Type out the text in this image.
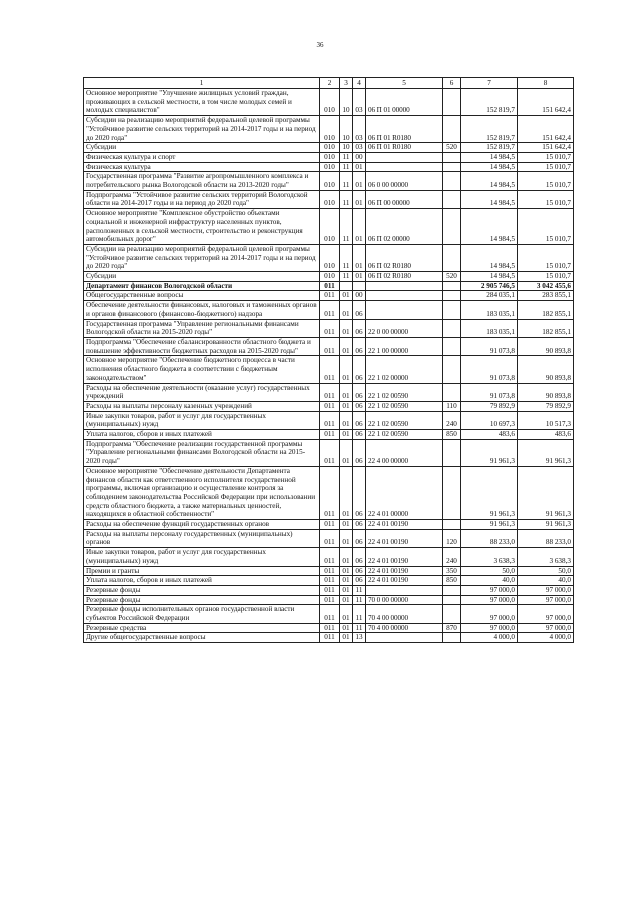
36
1	2	3	4	5	6	7	8
Основное мероприятие "Улучшение жилищных условий граждан, проживающих в сельской местности, в том числе молодых семей и молодых специалистов"	010	10	03	06 П 01 00000		152 819,7	151 642,4
Субсидии на реализацию мероприятий федеральной целевой программы "Устойчивое развитие сельских территорий на 2014-2017 годы и на период до 2020 года"	010	10	03	06 П 01 R0180		152 819,7	151 642,4
Субсидии	010	10	03	06 П 01 R0180	520	152 819,7	151 642,4
Физическая культура и спорт	010	11	00			14 984,5	15 010,7
Физическая культура	010	11	01			14 984,5	15 010,7
Государственная программа "Развитие агропромышленного комплекса и потребительского рынка Вологодской области на 2013-2020 годы"	010	11	01	06 0 00 00000		14 984,5	15 010,7
Подпрограмма "Устойчивое развитие сельских территорий Вологодской области на 2014-2017 годы и на период до 2020 года"	010	11	01	06 П 00 00000		14 984,5	15 010,7
Основное мероприятие "Комплексное обустройство объектами социальной и инженерной инфраструктур населенных пунктов, расположенных в сельской местности, строительство и реконструкция автомобильных дорог"	010	11	01	06 П 02 00000		14 984,5	15 010,7
Субсидии на реализацию мероприятий федеральной целевой программы "Устойчивое развитие сельских территорий на 2014-2017 годы и на период до 2020 года"	010	11	01	06 П 02 R0180		14 984,5	15 010,7
Субсидии	010	11	01	06 П 02 R0180	520	14 984,5	15 010,7
Департамент финансов Вологодской области	011					2 905 746,5	3 042 455,6
Общегосударственные вопросы	011	01	00			284 035,1	283 855,1
Обеспечение деятельности финансовых, налоговых и таможенных органов и органов финансового (финансово-бюджетного) надзора	011	01	06			183 035,1	182 855,1
Государственная программа "Управление региональными финансами Вологодской области на 2015-2020 годы"	011	01	06	22 0 00 00000		183 035,1	182 855,1
Подпрограмма "Обеспечение сбалансированности областного бюджета и повышение эффективности бюджетных расходов на 2015-2020 годы"	011	01	06	22 1 00 00000		91 073,8	90 893,8
Основное мероприятие "Обеспечение бюджетного процесса в части исполнения областного бюджета в соответствии с бюджетным законодательством"	011	01	06	22 1 02 00000		91 073,8	90 893,8
Расходы на обеспечение деятельности (оказание услуг) государственных учреждений	011	01	06	22 1 02 00590		91 073,8	90 893,8
Расходы на выплаты персоналу казенных учреждений	011	01	06	22 1 02 00590	110	79 892,9	79 892,9
Иные закупки товаров, работ и услуг для государственных (муниципальных) нужд	011	01	06	22 1 02 00590	240	10 697,3	10 517,3
Уплата налогов, сборов и иных платежей	011	01	06	22 1 02 00590	850	483,6	483,6
Подпрограмма "Обеспечение реализации государственной программы "Управление региональными финансами Вологодской области на 2015-2020 годы"	011	01	06	22 4 00 00000		91 961,3	91 961,3
Основное мероприятие "Обеспечение деятельности Департамента финансов области как ответственного исполнителя государственной программы, включая организацию и осуществление контроля за соблюдением законодательства Российской Федерации при использовании средств областного бюджета, а также материальных ценностей, находящихся в областной собственности"	011	01	06	22 4 01 00000		91 961,3	91 961,3
Расходы на обеспечение функций государственных органов	011	01	06	22 4 01 00190		91 961,3	91 961,3
Расходы на выплаты персоналу государственных (муниципальных) органов	011	01	06	22 4 01 00190	120	88 233,0	88 233,0
Иные закупки товаров, работ и услуг для государственных (муниципальных) нужд	011	01	06	22 4 01 00190	240	3 638,3	3 638,3
Премии и гранты	011	01	06	22 4 01 00190	350	50,0	50,0
Уплата налогов, сборов и иных платежей	011	01	06	22 4 01 00190	850	40,0	40,0
Резервные фонды	011	01	11			97 000,0	97 000,0
Резервные фонды	011	01	11	70 0 00 00000		97 000,0	97 000,0
Резервные фонды исполнительных органов государственной власти субъектов Российской Федерации	011	01	11	70 4 00 00000		97 000,0	97 000,0
Резервные средства	011	01	11	70 4 00 00000	870	97 000,0	97 000,0
Другие общегосударственные вопросы	011	01	13			4 000,0	4 000,0
